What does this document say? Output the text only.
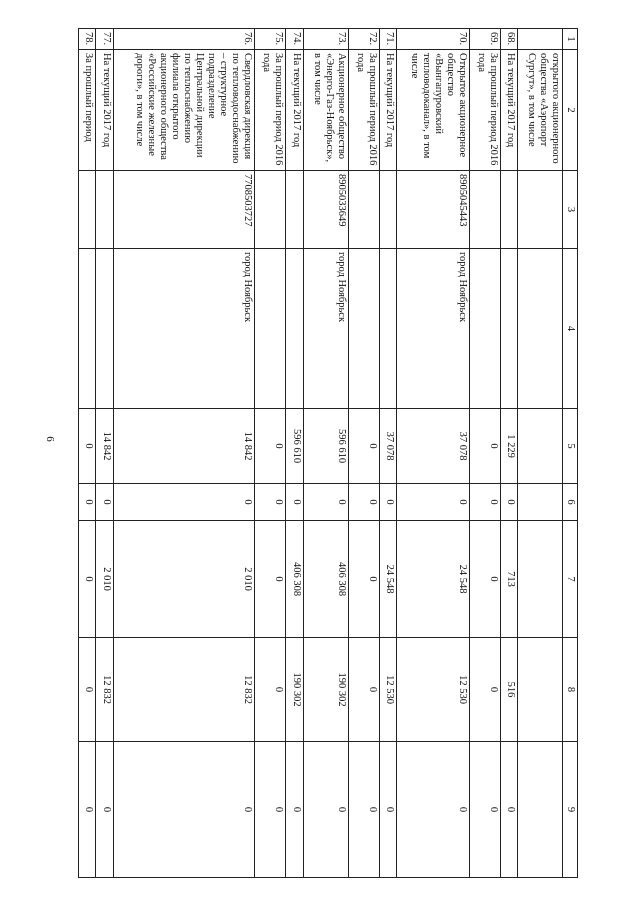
6
1	2	3	4	5	6	7	8	9
	открытого акционерного общества «Аэропорт Сургут», в том числе							
68.	На текущий 2017 год			1 229	0	713	516	0
69.	За прошлый период 2016 года			0	0	0	0	0
70.	Открытое акционерное общество «Вынгапуровский тепловодоканал», в том числе	8905045443	город Ноябрьск	37 078	0	24 548	12 530	0
71.	На текущий 2017 год			37 078	0	24 548	12 530	0
72.	За прошлый период 2016 года			0	0	0	0	0
73.	Акционерное общество «Энерго-Газ-Ноябрьск», в том числе	8905033649	город Ноябрьск	596 610	0	406 308	190 302	0
74.	На текущий 2017 год			596 610	0	406 308	190 302	0
75.	За прошлый период 2016 года			0	0	0	0	0
76.	Свердловская дирекция по тепловодоснабжению – структурное подразделение Центральной дирекции по теплоснабжению филиала открытого акционерного общества «Российские железные дороги», в том числе	7708503727	город Ноябрьск	14 842	0	2 010	12 832	0
77.	На текущий 2017 год			14 842	0	2 010	12 832	0
78.	За прошлый период			0	0	0	0	0
